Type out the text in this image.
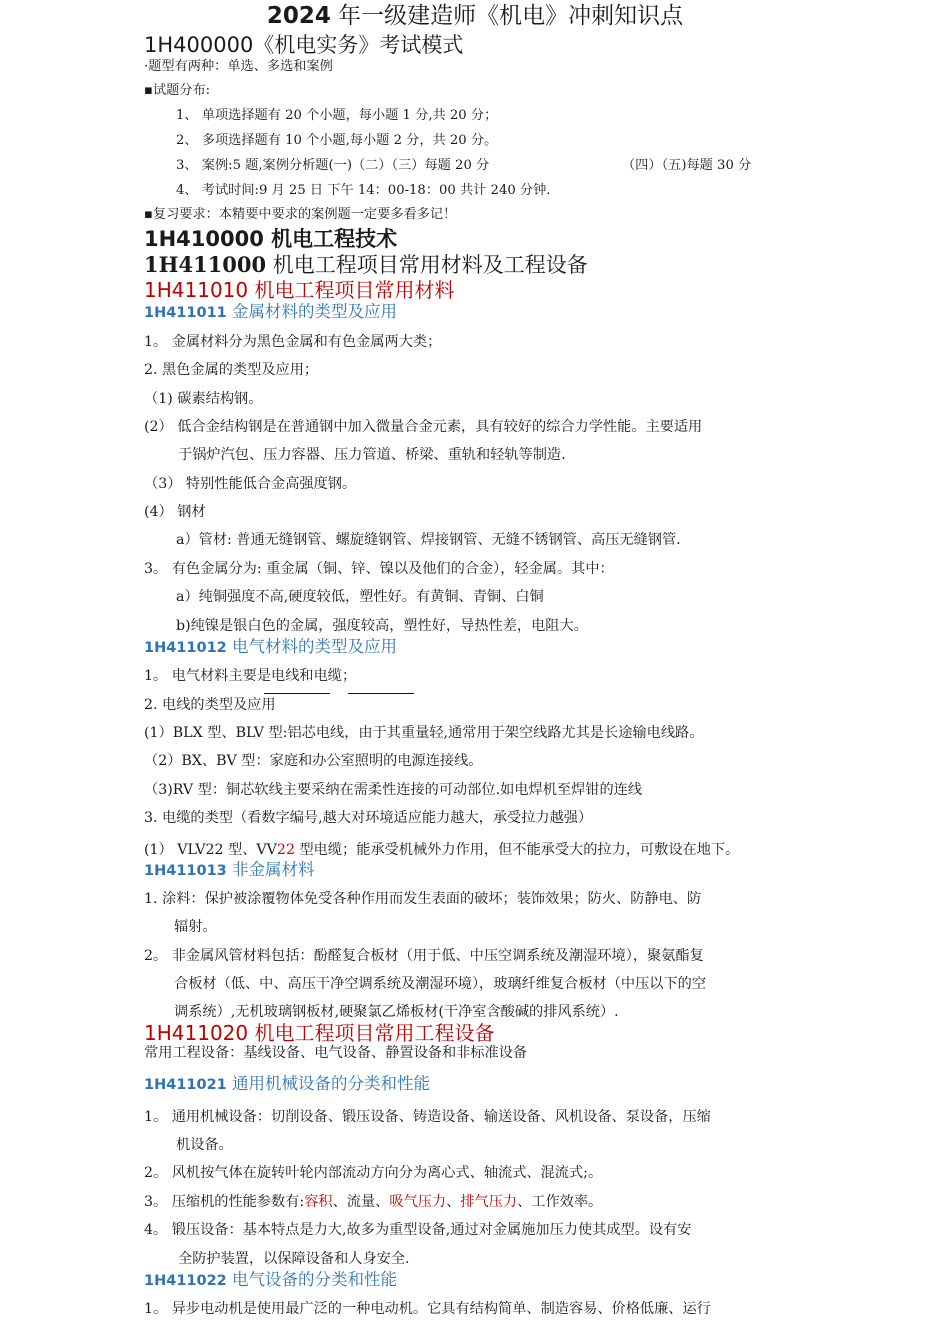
2024 年一级建造师《机电》冲刺知识点
1H400000《机电实务》考试模式
·题型有两种：单选、多选和案例
▪试题分布:
1、 单项选择题有 20 个小题，每小题 1 分,共 20 分；
2、 多项选择题有 10 个小题,每小题 2 分，共 20 分。
3、 案例:5 题,案例分析题(一)（二）（三）每题 20 分	（四）（五)每题 30 分
4、 考试时间:9 月 25 日 下午 14：00-18：00 共计 240 分钟.
▪复习要求：本精要中要求的案例题一定要多看多记！
1H410000 机电工程技术
1H411000 机电工程项目常用材料及工程设备
1H411010 机电工程项目常用材料
1H411011 金属材料的类型及应用
1。 金属材料分为黑色金属和有色金属两大类；
2. 黑色金属的类型及应用；
（1) 碳素结构钢。
(2） 低合金结构钢是在普通钢中加入微量合金元素，具有较好的综合力学性能。主要适用
于锅炉汽包、压力容器、压力管道、桥梁、重轨和轻轨等制造.
（3） 特别性能低合金高强度钢。
(4） 钢材
a）管材: 普通无缝钢管、螺旋缝钢管、焊接钢管、无缝不锈钢管、高压无缝钢管.
3。 有色金属分为: 重金属（铜、锌、镍以及他们的合金），轻金属。其中：
a）纯铜强度不高,硬度较低，塑性好。有黄铜、青铜、白铜
b)纯镍是银白色的金属，强度较高，塑性好，导热性差，电阻大。
1H411012 电气材料的类型及应用
1。 电气材料主要是电线和电缆；
2. 电线的类型及应用
(1）BLX 型、BLV 型:铝芯电线，由于其重量轻,通常用于架空线路尤其是长途输电线路。
（2）BX、BV 型：家庭和办公室照明的电源连接线。
（3)RV 型：铜芯软线主要采纳在需柔性连接的可动部位.如电焊机至焊钳的连线
3. 电缆的类型（看数字编号,越大对环境适应能力越大，承受拉力越强）
(1） VLV22 型、VV22 型电缆；能承受机械外力作用，但不能承受大的拉力，可敷设在地下。
1H411013 非金属材料
1. 涂料：保护被涂覆物体免受各种作用而发生表面的破坏；装饰效果；防火、防静电、防
辐射。
2。 非金属风管材料包括：酚醛复合板材（用于低、中压空调系统及潮湿环境），聚氨酯复
合板材（低、中、高压干净空调系统及潮湿环境），玻璃纤维复合板材（中压以下的空
调系统）,无机玻璃钢板材,硬聚氯乙烯板材(干净室含酸碱的排风系统）.
1H411020 机电工程项目常用工程设备
常用工程设备：基线设备、电气设备、静置设备和非标准设备
1H411021 通用机械设备的分类和性能
1。 通用机械设备：切削设备、锻压设备、铸造设备、输送设备、风机设备、泵设备，压缩
机设备。
2。 风机按气体在旋转叶轮内部流动方向分为离心式、轴流式、混流式;。
3。 压缩机的性能参数有:容积、流量、吸气压力、排气压力、工作效率。
4。 锻压设备：基本特点是力大,故多为重型设备,通过对金属施加压力使其成型。设有安
全防护装置，以保障设备和人身安全.
1H411022 电气设备的分类和性能
1。 异步电动机是使用最广泛的一种电动机。它具有结构简单、制造容易、价格低廉、运行
